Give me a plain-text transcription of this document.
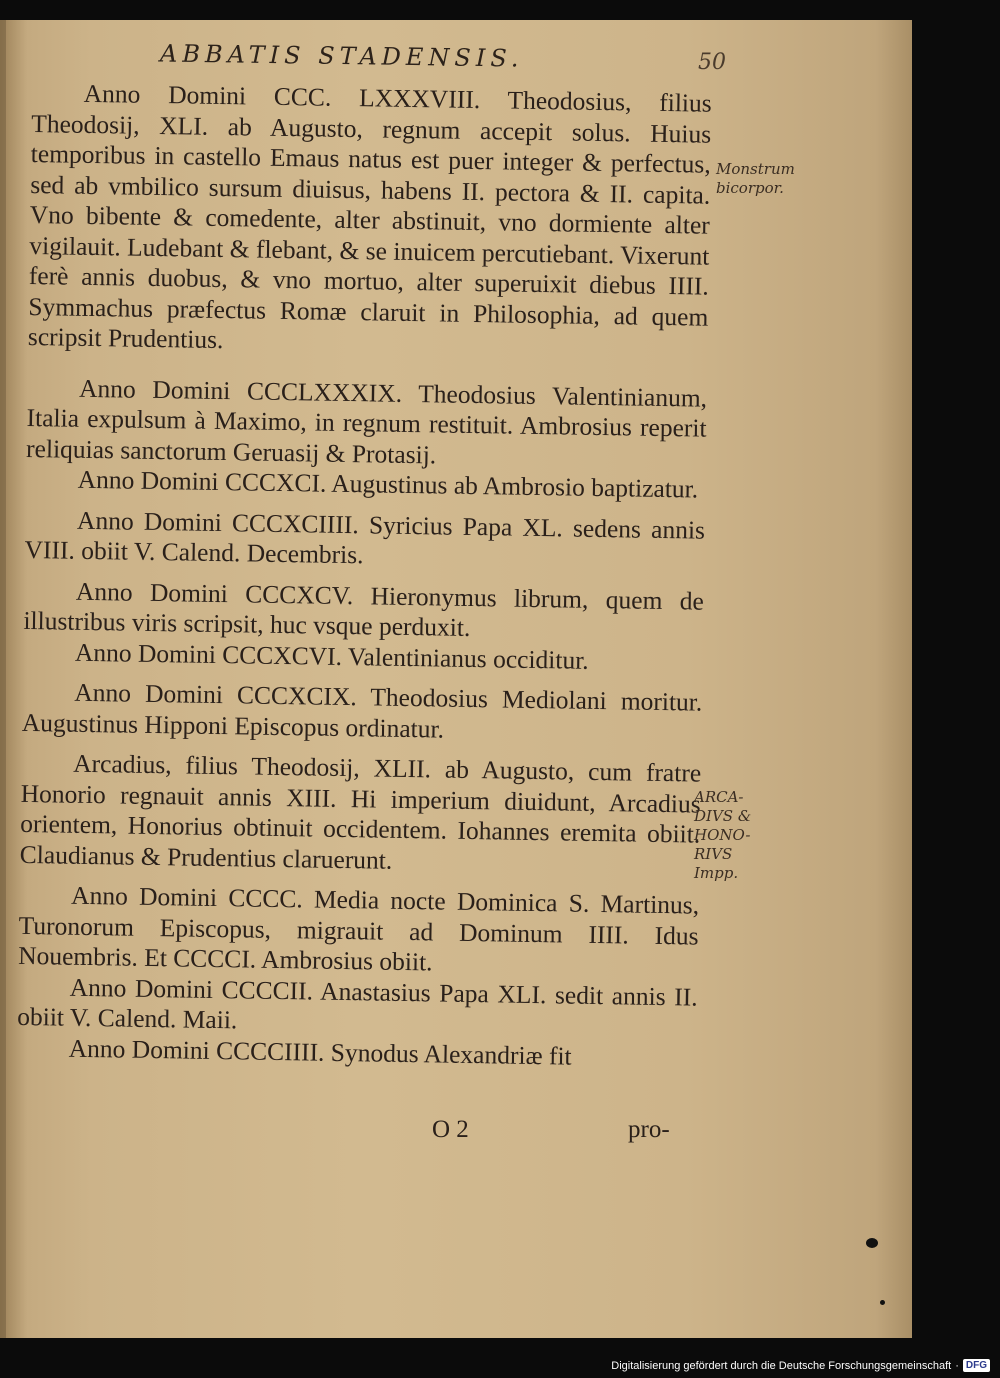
ABBATIS STADENSIS.	50

Anno Domini CCC. LXXXVIII. Theodosius, filius Theodosij, XLI. ab Augusto, regnum accepit solus. Huius temporibus in castello Emaus natus est puer integer & perfectus, sed ab vmbilico sursum diuisus, habens II. pectora & II. capita. Vno bibente & comedente, alter abstinuit, vno dormiente alter vigilauit. Ludebant & flebant, & se inuicem percutiebant. Vixerunt ferè annis duobus, & vno mortuo, alter superuixit diebus IIII. Symmachus præfectus Romæ claruit in Philosophia, ad quem scripsit Prudentius.

Anno Domini CCCLXXXIX. Theodosius Valentinianum, Italia expulsum à Maximo, in regnum restituit. Ambrosius reperit reliquias sanctorum Geruasij & Protasij.

Anno Domini CCCXCI. Augustinus ab Ambrosio baptizatur.

Anno Domini CCCXCIIII. Syricius Papa XL. sedens annis VIII. obiit V. Calend. Decembris.

Anno Domini CCCXCV. Hieronymus librum, quem de illustribus viris scripsit, huc vsque perduxit.

Anno Domini CCCXCVI. Valentinianus occiditur.

Anno Domini CCCXCIX. Theodosius Mediolani moritur. Augustinus Hipponi Episcopus ordinatur.

Arcadius, filius Theodosij, XLII. ab Augusto, cum fratre Honorio regnauit annis XIII. Hi imperium diuidunt, Arcadius orientem, Honorius obtinuit occidentem. Iohannes eremita obiit. Claudianus & Prudentius claruerunt.

Anno Domini CCCC. Media nocte Dominica S. Martinus, Turonorum Episcopus, migrauit ad Dominum IIII. Idus Nouembris. Et CCCCI. Ambrosius obiit.

Anno Domini CCCCII. Anastasius Papa XLI. sedit annis II. obiit V. Calend. Maii.

Anno Domini CCCCIIII. Synodus Alexandriæ fit

Monstrum
bicorpor.
ARCA-
DIVS &
HONO-
RIVS
Impp.
O 2	pro-
Digitalisierung gefördert durch die Deutsche Forschungsgemeinschaft · DFG
